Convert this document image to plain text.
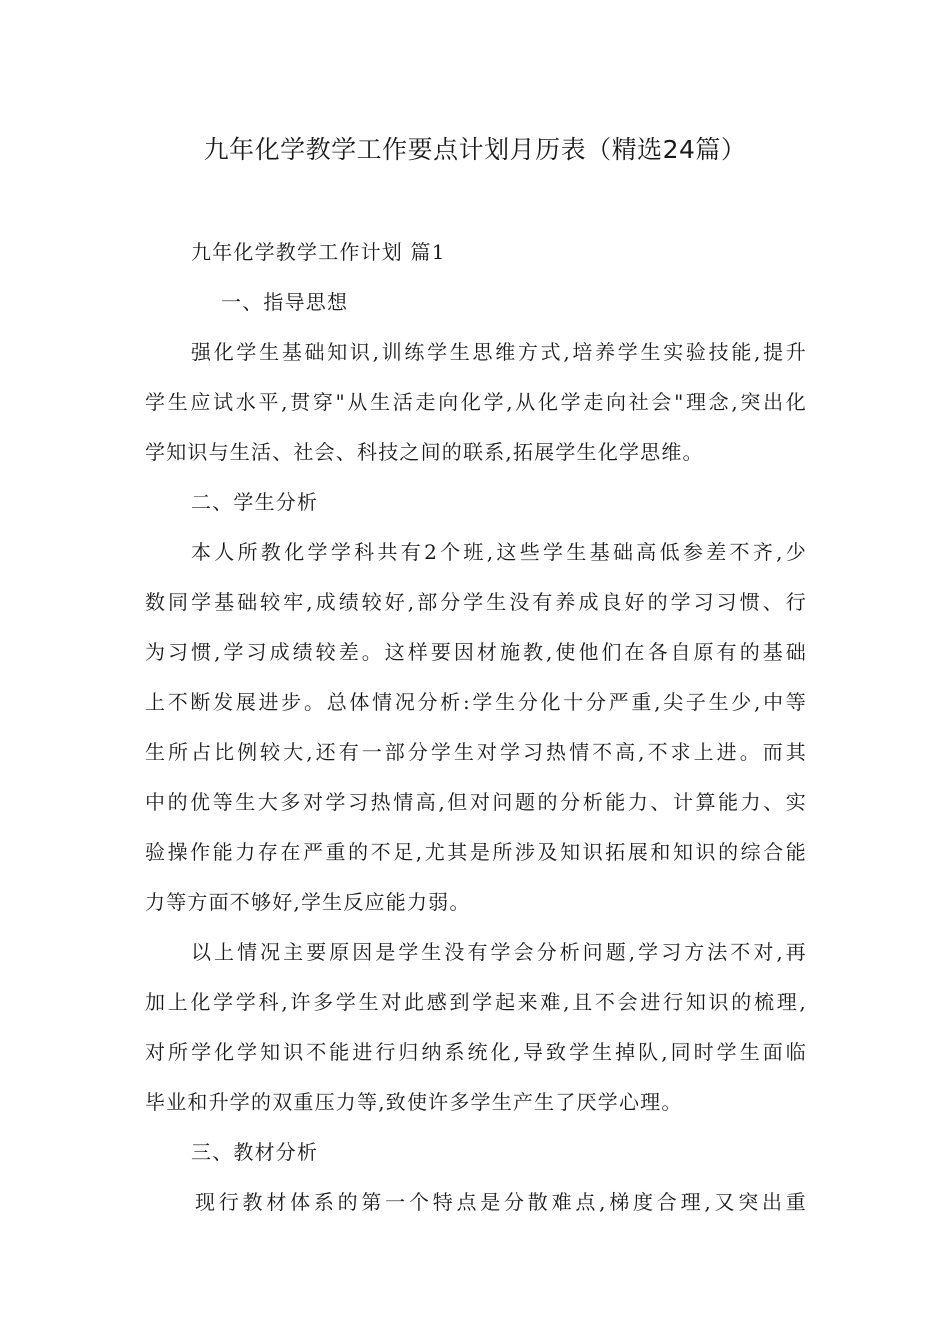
九年化学教学工作要点计划月历表（精选24篇）
九年化学教学工作计划 篇1
一、指导思想
强化学生基础知识,训练学生思维方式,培养学生实验技能,提升
学生应试水平,贯穿"从生活走向化学,从化学走向社会"理念,突出化
学知识与生活、社会、科技之间的联系,拓展学生化学思维。
二、学生分析
本人所教化学学科共有2个班,这些学生基础高低参差不齐,少
数同学基础较牢,成绩较好,部分学生没有养成良好的学习习惯、行
为习惯,学习成绩较差。这样要因材施教,使他们在各自原有的基础
上不断发展进步。总体情况分析:学生分化十分严重,尖子生少,中等
生所占比例较大,还有一部分学生对学习热情不高,不求上进。而其
中的优等生大多对学习热情高,但对问题的分析能力、计算能力、实
验操作能力存在严重的不足,尤其是所涉及知识拓展和知识的综合能
力等方面不够好,学生反应能力弱。
以上情况主要原因是学生没有学会分析问题,学习方法不对,再
加上化学学科,许多学生对此感到学起来难,且不会进行知识的梳理,
对所学化学知识不能进行归纳系统化,导致学生掉队,同时学生面临
毕业和升学的双重压力等,致使许多学生产生了厌学心理。
三、教材分析
现行教材体系的第一个特点是分散难点,梯度合理,又突出重
